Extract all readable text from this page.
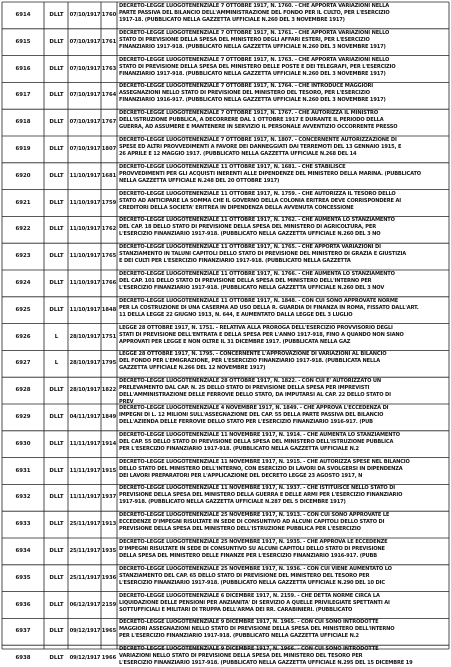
6914	DLLT	07/10/1917 1760
DECRETO-LEGGE LUOGOTENENZIALE 7 OTTOBRE 1917, N. 1760. - CHE APPORTA VARIAZIONI NELLA
PARTE PASSIVA DEL BILANCIO DELL'AMMINISTRAZIONE DEL FONDO PER IL CULTO, PER L'ESERCIZIO
1917-18. (PUBBLICATO NELLA GAZZETTA UFFICIALE N.260 DEL 3 NOVEMBRE 1917)
6915	DLLT	07/10/1917 1761
DECRETO-LEGGE LUOGOTENENZIALE 7 OTTOBRE 1917, N. 1761. - CHE APPORTA VARIAZIONI NELLO
STATO DI PREVISIONE DELLA SPESA DEL MINISTERO DEGLI AFFARI ESTERI, PER L'ESERCIZIO
FINANZIARIO 1917-918. (PUBBLICATO NELLA GAZZETTA UFFICIALE N.260 DEL 3 NOVEMBRE 1917)
6916	DLLT	07/10/1917 1763
DECRETO-LEGGE LUOGOTENENZIALE 7 OTTOBRE 1917, N. 1763. - CHE APPORTA VARIAZIONI NELLO
STATO DI PREVISIONE DELLA SPESA DEL MINISTERO DELLE POSTE E DEI TELEGRAFI, PER L'ESERCIZIO
FINANZIARIO 1917-918. (PUBBLICATO NELLA GAZZETTA UFFICIALE N.260 DEL 3 NOVEMBRE 1917)
6917	DLLT	07/10/1917 1764
DECRETO-LEGGE LUOGOTENENZIALE 7 OTTOBRE 1917, N. 1764. - CHE INTRODUCE MAGGIORI
ASSEGNAZIONI NELLO STATO DI PREVISIONE DEL MINISTERO DEL TESORO, PER L'ESERCIZIO
FINANZIARIO 1916-917. (PUBBLICATO NELLA GAZZETTA UFFICIALE N.260 DEL 3 NOVEMBRE 1917)
6918	DLLT	07/10/1917 1767
DECRETO-LEGGE LUOGOTENENZIALE 7 OTTOBRE 1917, N. 1767. - CHE AUTORIZZA IL MINISTRO
DELL'ISTRUZIONE PUBBLICA, A DECORRERE DAL 1 OTTOBRE 1917 E DURANTE IL PERIODO DELLA
GUERRA, AD ASSUMERE E MANTENERE IN SERVIZIO IL PERSONALE AVVENTIZIO OCCORRENTE PRESSO
6919	DLLT	07/10/1917 1807
DECRETO-LEGGE LUOGOTENENZIALE 7 OTTOBRE 1917, N. 1807. - CONCERNENTE AUTORIZZAZIONE DI
SPESE ED ALTRI PROVVEDIMENTI A FAVORE DEI DANNEGGIATI DAI TERREMOTI DEL 13 GENNAIO 1915, E
26 APRILE E 12 MAGGIO 1917. (PUBBLICATO NELLA GAZZETTA UFFICIALE N.268 DEL 14
6920	DLLT	11/10/1917 1681
DECRETO-LEGGE LUOGOTENENZIALE 11 OTTOBRE 1917, N. 1681. - CHE STABILISCE
PROVVEDIMENTI PER GLI ACQUISTI INERENTI ALLE DIPENDENZE DEL MINISTERO DELLA MARINA. (PUBBLICATO
NELLA GAZZETTA UFFICIALE N.248 DEL 20 OTTOBRE 1917)
6921	DLLT	11/10/1917 1759
DECRETO-LEGGE LUOGOTENENZIALE 11 OTTOBRE 1917, N. 1759. - CHE AUTORIZZA IL TESORO DELLO
STATO AD ANTICIPARE LA SOMMA CHE IL GOVERNO DELLA COLONIA ERITREA DEVE CORRISPONDERE AI
CREDITORI DELLA SOCIETA' ERITREA IN DIPENDENZA DELLA AVVENUTA CONCESSIONE
6922	DLLT	11/10/1917 1762
DECRETO-LEGGE LUOGOTENENZIALE 11 OTTOBRE 1917, N. 1762. - CHE AUMENTA LO STANZIAMENTO
DEL CAP. 18 DELLO STATO DI PREVISIONE DELLA SPESA DEL MINISTERO DI AGRICOLTURA, PER
L'ESERCIZIO FINANZIARIO 1917-918. (PUBBLICATO NELLA GAZZETTA UFFICIALE N.260 DEL 3 NO
6923	DLLT	11/10/1917 1765
DECRETO-LEGGE LUOGOTENENZIALE 11 OTTOBRE 1917, N. 1765. - CHE APPORTA VARIAZIONI DI
STANZIAMENTO IN TALUNI CAPITOLI DELLO STATO DI PREVISIONE DEL MINISTERO DI GRAZIA E GIUSTIZIA
E DEI CULTI PER L'ESERCIZIO FINANZIARIO 1917-918. (PUBBLICATO NELLA GAZZETTA
6924	DLLT	11/10/1917 1766
DECRETO-LEGGE LUOGOTENENZIALE 11 OTTOBRE 1917, N. 1766. - CHE AUMENTA LO STANZIAMENTO
DEL CAP. 101 DELLO STATO DI PREVISIONE DELLA SPESA DEL MINISTERO DELL'INTERNO PER
L'ESERCIZIO FINANZIARIO 1917-918. (PUBBLICATO NELLA GAZZETTA UFFICIALE N.260 DEL 3 NOV
6925	DLLT	11/10/1917 1848
DECRETO-LEGGE LUOGOTENENZIALE 11 OTTOBRE 1917, N. 1848. - CON CUI SONO APPROVATE NORME
PER LA COSTRUZIONE DI UNA CASERMA AD USO DELLA R. GUARDIA DI FINANZA IN ROMA, FISSATO DALL'ART.
11 DELLA LEGGE 22 GIUGNO 1913, N. 644, E AUMENTATO DALLA LEGGE DEL 3 LUGLIO
6926	L	28/10/1917 1751
LEGGE 28 OTTOBRE 1917, N. 1751. - RELATIVA ALLA PROROGA DELL'ESERCIZIO PROVVISORIO DEGLI
STATI DI PREVISIONE DELL'ENTRATA E DELLA SPESA PER L'ANNO 1917-918, FINO A QUANDO NON SIANO
APPROVATI PER LEGGE E NON OLTRE IL 31 DICEMBRE 1917. (PUBBLICATA NELLA GAZ
6927	L	28/10/1917 1795
LEGGE 28 OTTOBRE 1917, N. 1795. - CONCERNENTE L'APPROVAZIONE DI VARIAZIONI AL BILANCIO
DEL FONDO PER L'EMIGRAZIONE, PER L'ESERCIZIO FINANZIARIO 1917-918. (PUBBLICATA NELLA
GAZZETTA UFFICIALE N.266 DEL 12 NOVEMBRE 1917)
6928	DLLT	28/10/1917 1822
DECRETO-LEGGE LUOGOTENENZIALE 28 OTTOBRE 1917, N. 1822. - CON CUI E' AUTORIZZATO UN
PRELEVAMENTO DAL CAP. N. 25 DELLO STATO DI PREVISIONE DELLA SPESA PER IMPREVISTI
DELL'AMMINISTRAZIONE DELLE FERROVIE DELLO STATO, DA IMPUTARSI AL CAP. 22 DELLO STATO DI
PREV
6929	DLLT	04/11/1917 1849
DECRETO-LEGGE LUOGOTENENZIALE 4 NOVEMBRE 1917, N. 1849. - CHE APPROVA L'ECCEDENZA DI
IMPEGNI DI L. 12 MILIONI SULL'ASSEGNAZIONE DEL CAP. 55 DELLA PARTE PASSIVA DEL BILANCIO
DELL'AZIENDA DELLE FERROVIE DELLO STATO PER L'ESERCIZIO FINANZIARIO 1916-917. (PUB
6930	DLLT	11/11/1917 1914
DECRETO-LEGGE LUOGOTENENZIALE 11 NOVEMBRE 1917, N. 1914. - CHE AUMENTA LO STANZIAMENTO
DEL CAP. 55 DELLO STATO DI PREVISIONE DELLA SPESA DEL MINISTERO DELL'ISTRUZIONE PUBBLICA
PER L'ESERCIZIO FINANZIARIO 1917-918. (PUBBLICATO NELLA GAZZETTA UFFICIALE N.2
6931	DLLT	11/11/1917 1915
DECRETO-LEGGE LUOGOTENENZIALE 11 NOVEMBRE 1917, N. 1915. - CHE AUTORIZZA SPESE NEL BILANCIO
DELLO STATO DEL MINISTERO DELL'INTERNO, CON ESERCIZIO DI LAVORI DA SVOLGERSI IN DIPENDENZA
DEI LAVORI PREPARATORI PER L'APPLICAZIONE DEL DECRETO LEGGE 23 AGOSTO 1917, N
6932	DLLT	11/11/1917 1937
DECRETO-LEGGE LUOGOTENENZIALE 11 NOVEMBRE 1917, N. 1937. - CHE ISTITUISCE NELLO STATO DI
PREVISIONE DELLA SPESA DEL MINISTERO DELLA GUERRA E DELLE ARMI PER L'ESERCIZIO FINANZIARIO
1917-918. (PUBBLICATO NELLA GAZZETTA UFFICIALE N.287 DEL 5 DICEMBRE 1917)
6933	DLLT	25/11/1917 1913
DECRETO-LEGGE LUOGOTENENZIALE 25 NOVEMBRE 1917, N. 1913. - CON CUI SONO APPROVATE LE
ECCEDENZE D'IMPEGNI RISULTATE IN SEDE DI CONSUNTIVO AD ALCUNI CAPITOLI DELLO STATO DI
PREVISIONE DELLA SPESA DEL MINISTERO DELL'ISTRUZIONE PUBBLICA PER L'ESERCIZIO
6934	DLLT	25/11/1917 1935
DECRETO-LEGGE LUOGOTENENZIALE 25 NOVEMBRE 1917, N. 1935. - CHE APPROVA LE ECCEDENZE
D'IMPEGNI RISULTATE IN SEDE DI CONSUNTIVO SU ALCUNI CAPITOLI DELLO STATO DI PREVISIONE
DELLA SPESA DEL MINISTERO DELLE FINANZE PER L'ESERCIZIO FINANZIARIO 1916-917. (PUBB
6935	DLLT	25/11/1917 1936
DECRETO-LEGGE LUOGOTENENZIALE 25 NOVEMBRE 1917, N. 1936. - CON CUI VIENE AUMENTATO LO
STANZIAMENTO DEL CAP. 65 DELLO STATO DI PREVISIONE DEL MINISTERO DEL TESORO PER
L'ESERCIZIO FINANZIARIO 1917-918. (PUBBLICATO NELLA GAZZETTA UFFICIALE N.290 DEL 10 DIC
6936	DLLT	06/12/1917 2159
DECRETO-LEGGE LUOGOTENENZIALE 6 DICEMBRE 1917, N. 2159. - CHE DETTA NORME CIRCA LA
LIQUIDAZIONE DELLE PENSIONI PER ANZIANITA' DI SERVIZIO A QUELLE PRIVILEGIATE SPETTANTI AI
SOTTUFFICIALI E MILITARI DI TRUPPA DELL'ARMA DEI RR. CARABINIERI. (PUBBLICATO
6937	DLLT	09/12/1917 1965
DECRETO-LEGGE LUOGOTENENZIALE 9 DICEMBRE 1917, N. 1965. - CON CUI SONO INTRODOTTE
MAGGIORI ASSEGNAZIONI NELLO STATO DI PREVISIONE DELLA SPESA DEL MINISTERO DELL'INTERNO
PER L'ESERCIZIO FINANZIARIO 1917-918. (PUBBLICATO NELLA GAZZETTA UFFICIALE N.2
6938	DLLT	09/12/1917 1966
DECRETO-LEGGE LUOGOTENENZIALE 9 DICEMBRE 1917, N. 1966. - CON CUI SONO INTRODOTTE
VARIAZIONI NELLO STATO DI PREVISIONE DELLA SPESA DEL MINISTERO DEL TESORO PER
L'ESERCIZIO FINANZIARIO 1917-918. (PUBBLICATO NELLA GAZZETTA UFFICIALE N.295 DEL 15 DICEMBRE 19
